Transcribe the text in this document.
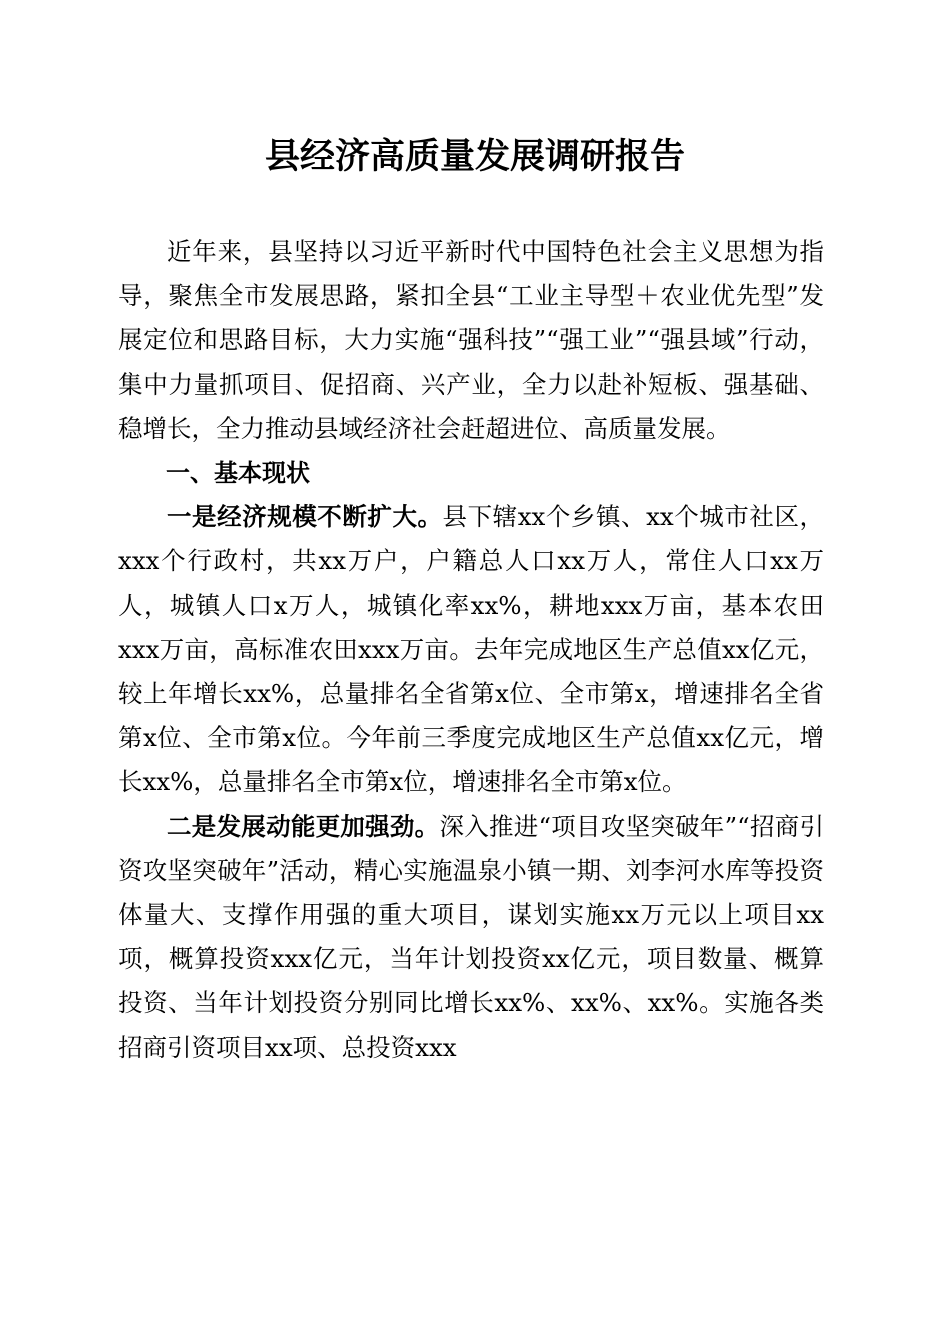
县经济高质量发展调研报告

近年来，县坚持以习近平新时代中国特色社会主义思想为指导，聚焦全市发展思路，紧扣全县“工业主导型＋农业优先型”发展定位和思路目标，大力实施“强科技”“强工业”“强县域”行动，集中力量抓项目、促招商、兴产业，全力以赴补短板、强基础、稳增长，全力推动县域经济社会赶超进位、高质量发展。

一、基本现状

一是经济规模不断扩大。县下辖xx个乡镇、xx个城市社区，xxx个行政村，共xx万户，户籍总人口xx万人，常住人口xx万人，城镇人口x万人，城镇化率xx%，耕地xxx万亩，基本农田xxx万亩，高标准农田xxx万亩。去年完成地区生产总值xx亿元，较上年增长xx%，总量排名全省第x位、全市第x，增速排名全省第x位、全市第x位。今年前三季度完成地区生产总值xx亿元，增长xx%，总量排名全市第x位，增速排名全市第x位。

二是发展动能更加强劲。深入推进“项目攻坚突破年”“招商引资攻坚突破年”活动，精心实施温泉小镇一期、刘李河水库等投资体量大、支撑作用强的重大项目，谋划实施xx万元以上项目xx项，概算投资xxx亿元，当年计划投资xx亿元，项目数量、概算投资、当年计划投资分别同比增长xx%、xx%、xx%。实施各类招商引资项目xx项、总投资xxx
